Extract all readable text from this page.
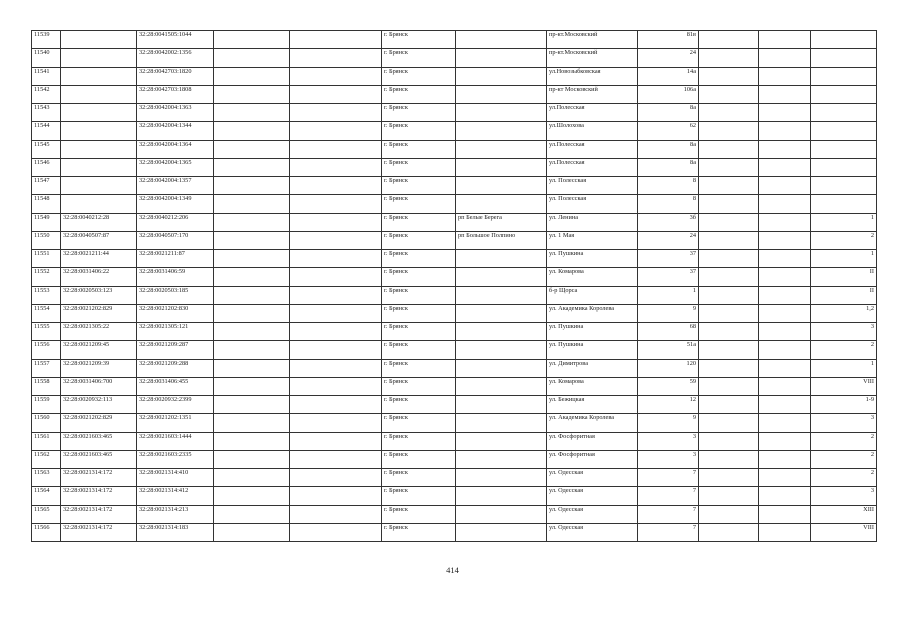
11539		32:28:0041505:1044			г. Брянск		пр-кт.Московский	81в			
11540		32:28:0042002:1356			г. Брянск		пр-кт.Московский	24			
11541		32:28:0042703:1820			г. Брянск		ул.Новозыбковская	14а			
11542		32:28:0042703:1808			г. Брянск		пр-кт Московский	106а			
11543		32:28:0042004:1363			г. Брянск		ул.Полесская	8а			
11544		32:28:0042004:1344			г. Брянск		ул.Шолохова	62			
11545		32:28:0042004:1364			г. Брянск		ул.Полесская	8а			
11546		32:28:0042004:1365			г. Брянск		ул.Полесская	8а			
11547		32:28:0042004:1357			г. Брянск		ул. Полесская	8			
11548		32:28:0042004:1349			г. Брянск		ул. Полесская	8			
11549	32:28:0040212:28	32:28:0040212:206			г. Брянск	рп Белые Берега	ул. Ленина	3б			1
11550	32:28:0040507:87	32:28:0040507:170			г. Брянск	рп Большое Полпино	ул. 1 Мая	24			2
11551	32:28:0021211:44	32:28:0021211:87			г. Брянск		ул. Пушкина	37			1
11552	32:28:0031406:22	32:28:0031406:59			г. Брянск		ул. Комарова	37			II
11553	32:28:0020503:123	32:28:0020503:185			г. Брянск		б-р Щорса	1			II
11554	32:28:0021202:829	32:28:0021202:830			г. Брянск		ул. Академика Королева	9			1,2
11555	32:28:0021305:22	32:28:0021305:121			г. Брянск		ул. Пушкина	68			3
11556	32:28:0021209:45	32:28:0021209:287			г. Брянск		ул. Пушкина	51а			2
11557	32:28:0021209:39	32:28:0021209:288			г. Брянск		ул. Димитрова	120			1
11558	32:28:0031406:700	32:28:0031406:455			г. Брянск		ул. Комарова	59			VIII
11559	32:28:0020932:113	32:28:0020932:2399			г. Брянск		ул. Бежицкая	12			1-9
11560	32:28:0021202:829	32:28:0021202:1351			г. Брянск		ул. Академика Королева	9			3
11561	32:28:0021603:465	32:28:0021603:1444			г. Брянск		ул. Фосфоритная	3			2
11562	32:28:0021603:465	32:28:0021603:2335			г. Брянск		ул. Фосфоритная	3			2
11563	32:28:0021314:172	32:28:0021314:410			г. Брянск		ул. Одесская	7			2
11564	32:28:0021314:172	32:28:0021314:412			г. Брянск		ул. Одесская	7			3
11565	32:28:0021314:172	32:28:0021314:213			г. Брянск		ул. Одесская	7			XIII
11566	32:28:0021314:172	32:28:0021314:183			г. Брянск		ул. Одесская	7			VIII
414
